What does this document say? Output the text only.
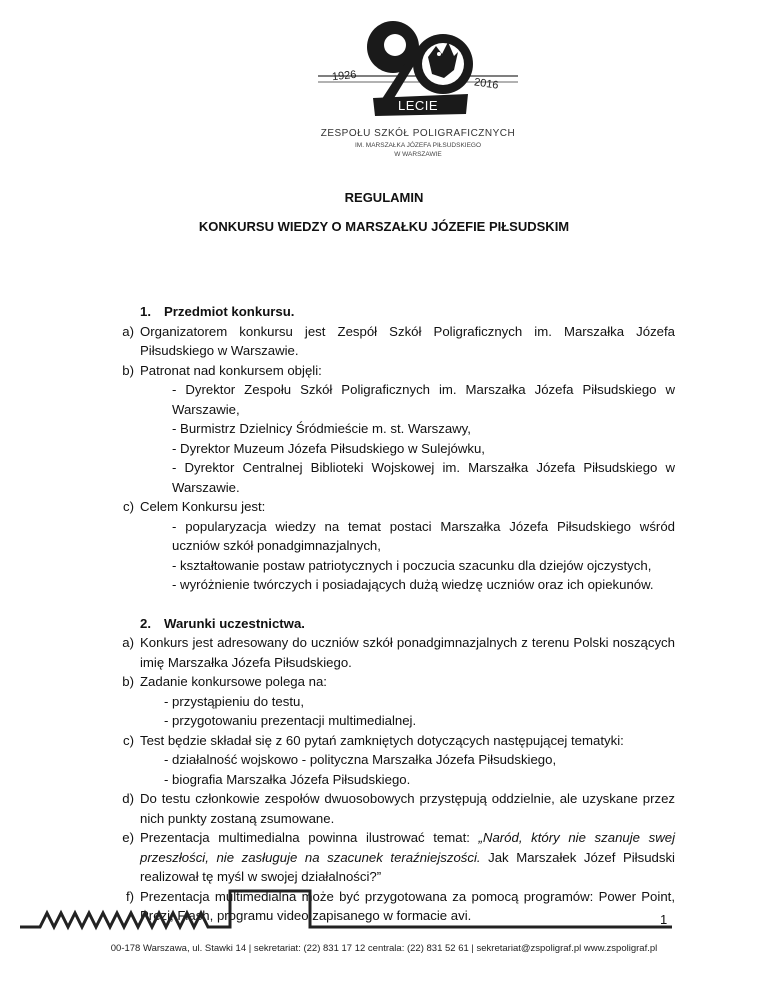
1926
2016
LECIE
ZESPOŁU SZKÓŁ POLIGRAFICZNYCH
IM. MARSZAŁKA JÓZEFA PIŁSUDSKIEGO
W WARSZAWIE
REGULAMIN
KONKURSU WIEDZY O MARSZAŁKU JÓZEFIE PIŁSUDSKIM
1. Przedmiot konkursu.
a) Organizatorem konkursu jest Zespół Szkół Poligraficznych im. Marszałka Józefa Piłsudskiego w Warszawie.
b) Patronat nad konkursem objęli:
- Dyrektor Zespołu Szkół Poligraficznych im. Marszałka Józefa Piłsudskiego w Warszawie,
- Burmistrz Dzielnicy Śródmieście m. st. Warszawy,
- Dyrektor Muzeum Józefa Piłsudskiego w Sulejówku,
- Dyrektor Centralnej Biblioteki Wojskowej im. Marszałka Józefa Piłsudskiego w Warszawie.
c) Celem Konkursu jest:
- popularyzacja wiedzy na temat postaci Marszałka Józefa Piłsudskiego wśród uczniów szkół ponadgimnazjalnych,
- kształtowanie postaw patriotycznych i poczucia szacunku dla dziejów ojczystych,
- wyróżnienie twórczych i posiadających dużą wiedzę uczniów oraz ich opiekunów.
2. Warunki uczestnictwa.
a) Konkurs jest adresowany do uczniów szkół ponadgimnazjalnych z terenu Polski noszących imię Marszałka Józefa Piłsudskiego.
b) Zadanie konkursowe polega na:
- przystąpieniu do testu,
- przygotowaniu prezentacji multimedialnej.
c) Test będzie składał się z 60 pytań zamkniętych dotyczących następującej tematyki:
- działalność wojskowo - polityczna Marszałka Józefa Piłsudskiego,
- biografia Marszałka Józefa Piłsudskiego.
d) Do testu członkowie zespołów dwuosobowych przystępują oddzielnie, ale uzyskane przez nich punkty zostaną zsumowane.
e) Prezentacja multimedialna powinna ilustrować temat: „Naród, który nie szanuje swej przeszłości, nie zasługuje na szacunek teraźniejszości. Jak Marszałek Józef Piłsudski realizował tę myśl w swojej działalności?”
f) Prezentacja multimedialna może być przygotowana za pomocą programów: Power Point, Prezi, Flash, programu video zapisanego w formacie avi.	1
00-178 Warszawa, ul. Stawki 14 | sekretariat: (22) 831 17 12 centrala: (22) 831 52 61 | sekretariat@zspoligraf.pl www.zspoligraf.pl
